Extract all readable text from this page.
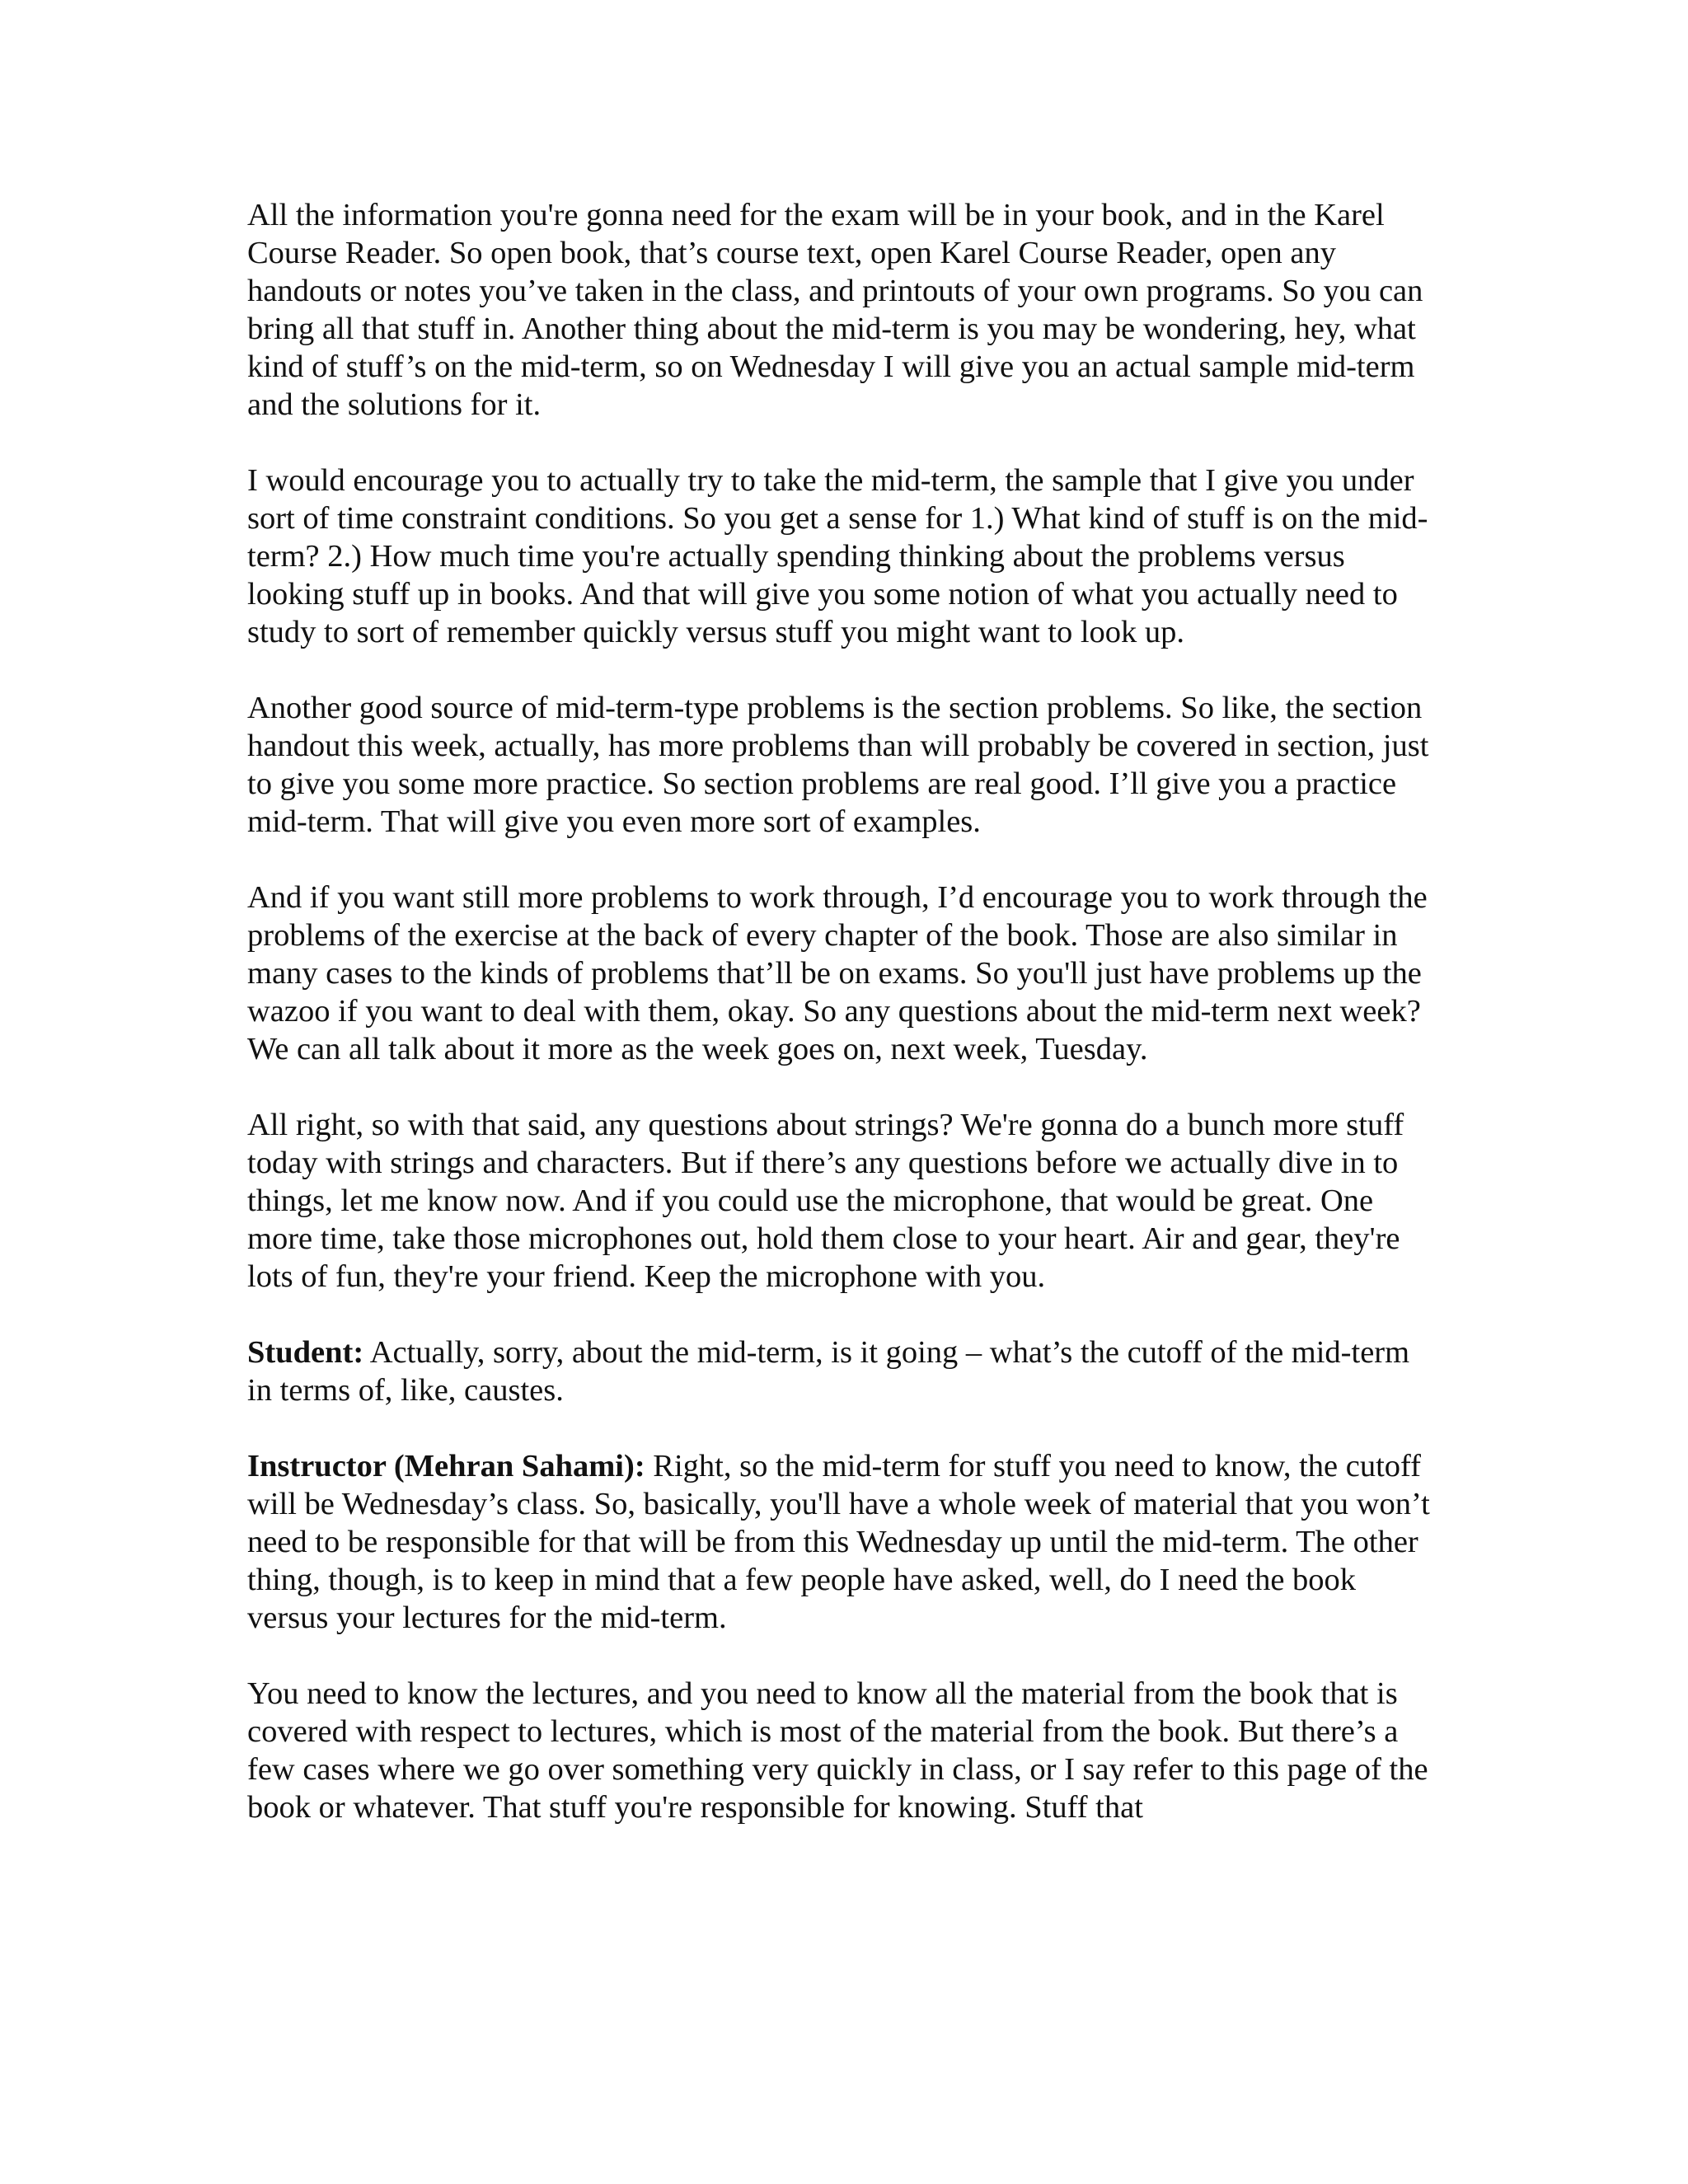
All the information you're gonna need for the exam will be in your book, and in the Karel Course Reader. So open book, that’s course text, open Karel Course Reader, open any handouts or notes you’ve taken in the class, and printouts of your own programs. So you can bring all that stuff in. Another thing about the mid-term is you may be wondering, hey, what kind of stuff’s on the mid-term, so on Wednesday I will give you an actual sample mid-term and the solutions for it.

I would encourage you to actually try to take the mid-term, the sample that I give you under sort of time constraint conditions. So you get a sense for 1.) What kind of stuff is on the mid-term? 2.) How much time you're actually spending thinking about the problems versus looking stuff up in books. And that will give you some notion of what you actually need to study to sort of remember quickly versus stuff you might want to look up.

Another good source of mid-term-type problems is the section problems. So like, the section handout this week, actually, has more problems than will probably be covered in section, just to give you some more practice. So section problems are real good. I’ll give you a practice mid-term. That will give you even more sort of examples.

And if you want still more problems to work through, I’d encourage you to work through the problems of the exercise at the back of every chapter of the book. Those are also similar in many cases to the kinds of problems that’ll be on exams. So you'll just have problems up the wazoo if you want to deal with them, okay. So any questions about the mid-term next week? We can all talk about it more as the week goes on, next week, Tuesday.

All right, so with that said, any questions about strings? We're gonna do a bunch more stuff today with strings and characters. But if there’s any questions before we actually dive in to things, let me know now. And if you could use the microphone, that would be great. One more time, take those microphones out, hold them close to your heart. Air and gear, they're lots of fun, they're your friend. Keep the microphone with you.

Student: Actually, sorry, about the mid-term, is it going – what’s the cutoff of the mid-term in terms of, like, caustes.

Instructor (Mehran Sahami): Right, so the mid-term for stuff you need to know, the cutoff will be Wednesday’s class. So, basically, you'll have a whole week of material that you won’t need to be responsible for that will be from this Wednesday up until the mid-term. The other thing, though, is to keep in mind that a few people have asked, well, do I need the book versus your lectures for the mid-term.

You need to know the lectures, and you need to know all the material from the book that is covered with respect to lectures, which is most of the material from the book. But there’s a few cases where we go over something very quickly in class, or I say refer to this page of the book or whatever. That stuff you're responsible for knowing. Stuff that
